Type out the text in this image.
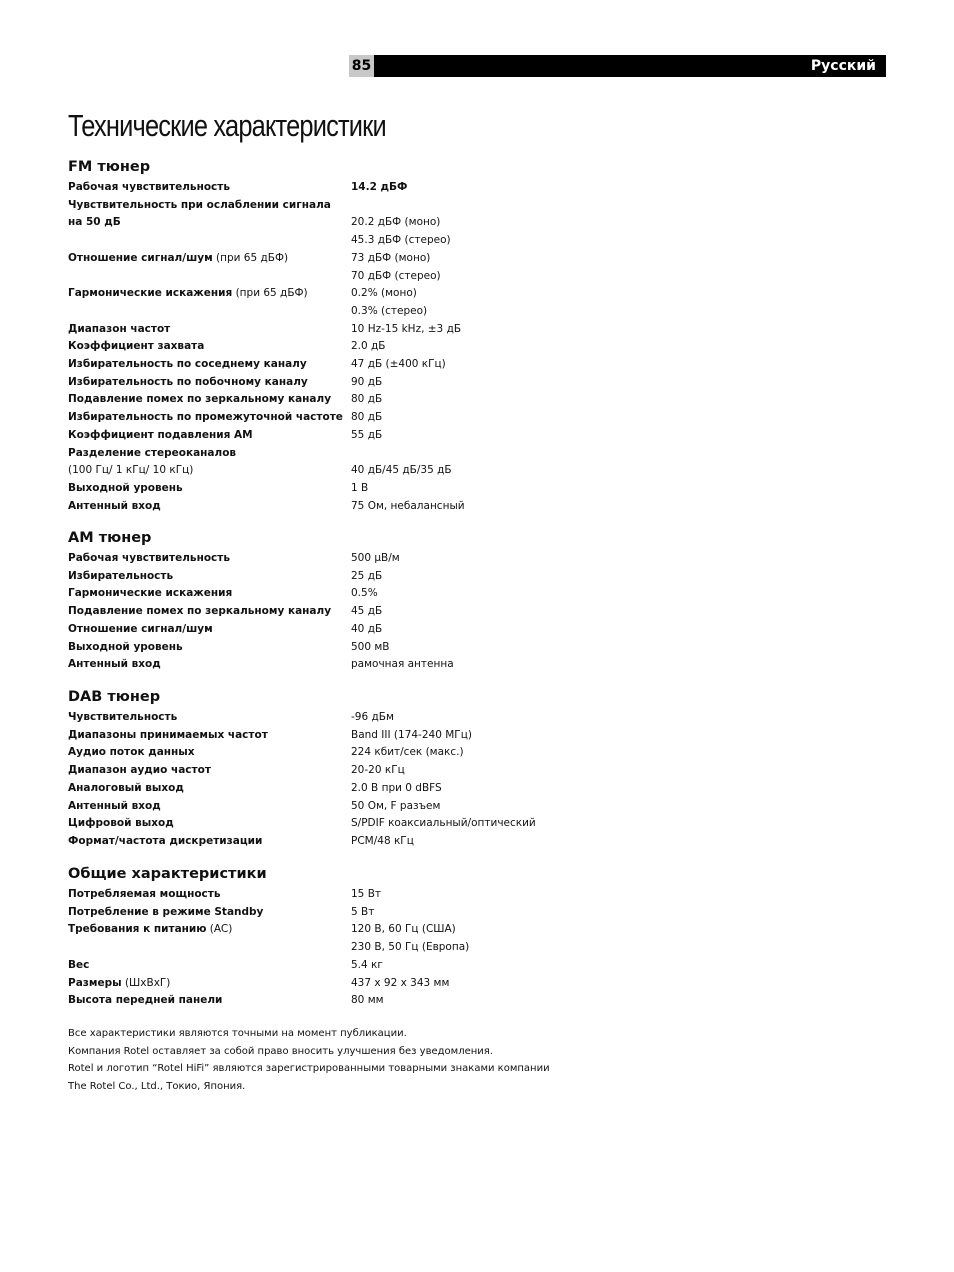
85	Русский
Технические характеристики
FM тюнер
Рабочая чувствительность	14.2 дБФ
Чувствительность при ослаблении сигнала
на 50 дБ	20.2 дБФ (моно)
45.3 дБФ (стерео)
Отношение сигнал/шум (при 65 дБФ)	73 дБФ (моно)
70 дБФ (стерео)
Гармонические искажения (при 65 дБФ)	0.2% (моно)
0.3% (стерео)
Диапазон частот	10 Hz-15 kHz, ±3 дБ
Коэффициент захвата	2.0 дБ
Избирательность по соседнему каналу	47 дБ (±400 кГц)
Избирательность по побочному каналу	90 дБ
Подавление помех по зеркальному каналу 80 дБ
Избирательность по промежуточной частоте 80 дБ
Коэффициент подавления AM	55 дБ
Разделение стереоканалов
(100 Гц/ 1 кГц/ 10 кГц)	40 дБ/45 дБ/35 дБ
Выходной уровень	1 В
Антенный вход	75 Ом, небалансный
AM тюнер
Рабочая чувствительность	500 μВ/м
Избирательность	25 дБ
Гармонические искажения	0.5%
Подавление помех по зеркальному каналу 45 дБ
Отношение сигнал/шум	40 дБ
Выходной уровень	500 мВ
Антенный вход	рамочная антенна
DAB тюнер
Чувствительность	-96 дБм
Диапазоны принимаемых частот	Band III (174-240 МГц)
Аудио поток данных	224 кбит/сек (макс.)
Диапазон аудио частот	20-20 кГц
Аналоговый выход	2.0 В при 0 dBFS
Антенный вход	50 Ом, F разъем
Цифровой выход	S/PDIF коаксиальный/оптический
Формат/частота дискретизации	PCM/48 кГц
Общие характеристики
Потребляемая мощность	15 Вт
Потребление в режиме Standby	5 Вт
Требования к питанию (AC)	120 В, 60 Гц (США)
230 В, 50 Гц (Европа)
Вес	5.4 кг
Размеры (ШхВхГ)	437 x 92 x 343 мм
Высота передней панели	80 мм
Все характеристики являются точными на момент публикации.
Компания Rotel оставляет за собой право вносить улучшения без уведомления.
Rotel и логотип “Rotel HiFi” являются зарегистрированными товарными знаками компании
The Rotel Co., Ltd., Токио, Япония.
